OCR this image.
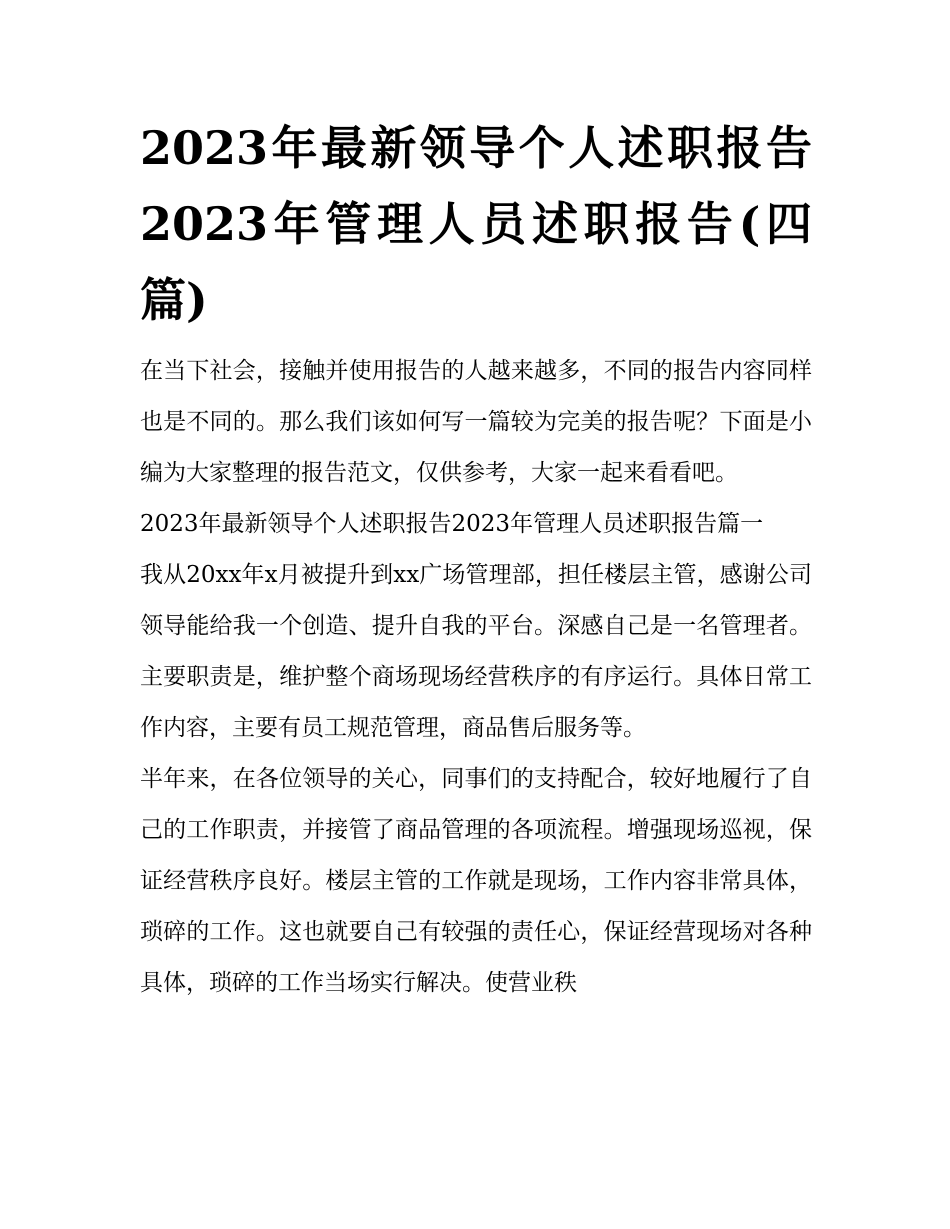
2023年最新领导个人述职报告2023年管理人员述职报告(四篇)

在当下社会，接触并使用报告的人越来越多，不同的报告内容同样也是不同的。那么我们该如何写一篇较为完美的报告呢？下面是小编为大家整理的报告范文，仅供参考，大家一起来看看吧。

2023年最新领导个人述职报告2023年管理人员述职报告篇一

我从20xx年x月被提升到xx广场管理部，担任楼层主管，感谢公司领导能给我一个创造、提升自我的平台。深感自己是一名管理者。主要职责是，维护整个商场现场经营秩序的有序运行。具体日常工作内容，主要有员工规范管理，商品售后服务等。

半年来，在各位领导的关心，同事们的支持配合，较好地履行了自己的工作职责，并接管了商品管理的各项流程。增强现场巡视，保证经营秩序良好。楼层主管的工作就是现场，工作内容非常具体，琐碎的工作。这也就要自己有较强的责任心，保证经营现场对各种具体，琐碎的工作当场实行解决。使营业秩
